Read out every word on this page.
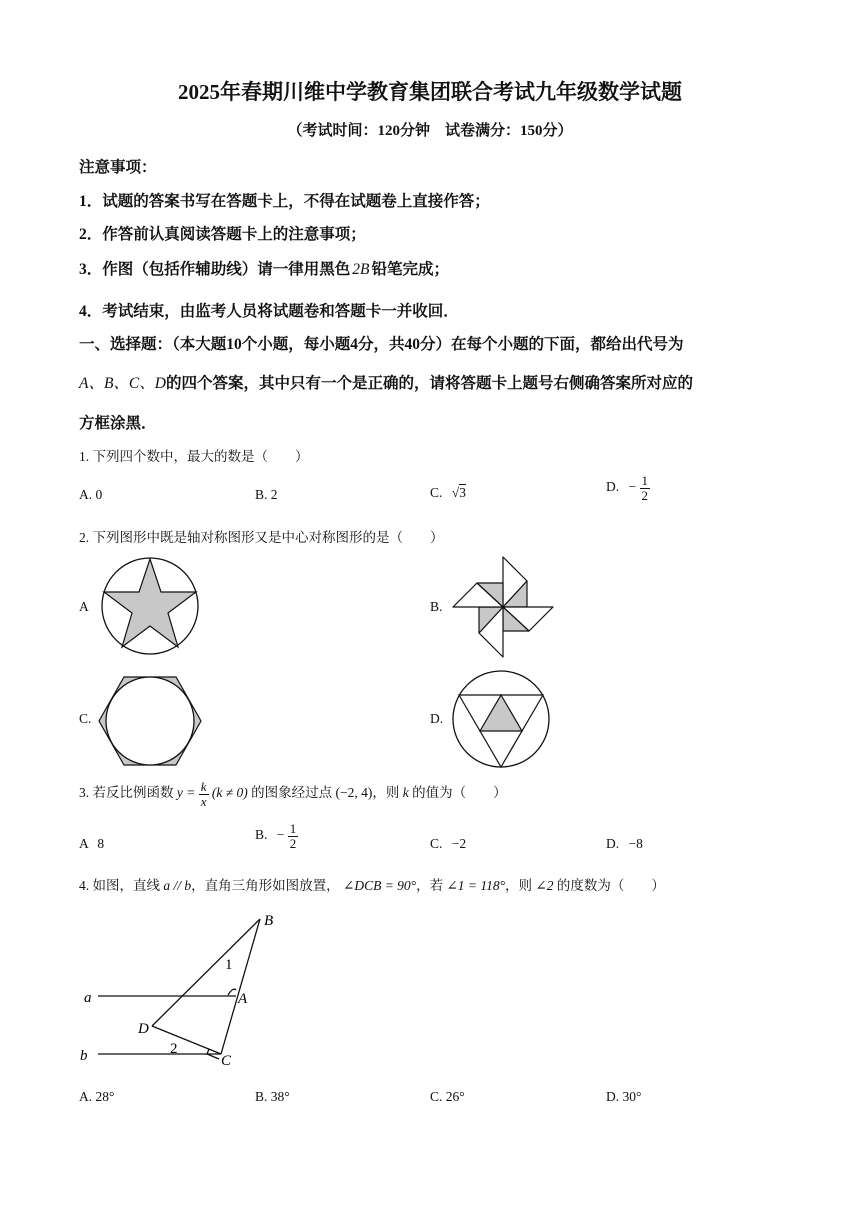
2025年春期川维中学教育集团联合考试九年级数学试题
（考试时间：120分钟　试卷满分：150分）
注意事项：
1．试题的答案书写在答题卡上，不得在试题卷上直接作答；
2．作答前认真阅读答题卡上的注意事项；
3．作图（包括作辅助线）请一律用黑色 2B 铅笔完成；
4．考试结束，由监考人员将试题卷和答题卡一并收回．
一、选择题：（本大题10个小题，每小题4分，共40分）在每个小题的下面，都给出代号为
A、B、C、D的四个答案，其中只有一个是正确的，请将答题卡上题号右侧确答案所对应的
方框涂黑．
1. 下列四个数中，最大的数是（　　）
A. 0	B. 2	C. √3	D. − $\frac{1}{2}$
2. 下列图形中既是轴对称图形又是中心对称图形的是（　　）
A	B.
C.	D.
3. 若反比例函数 $y = \frac{k}{x} (k \ne 0)$ 的图象经过点 (−2, 4)，则 k 的值为（　　）
A 8
B. − $\frac{1}{2}$	C. −2	D. −8
4. 如图，直线 a // b，直角三角形如图放置， ∠DCB = 90°，若 ∠1 = 118°，则 ∠2 的度数为（　　）
B
1
A
a
D
2
b	C
A. 28°	B. 38°	C. 26°	D. 30°
